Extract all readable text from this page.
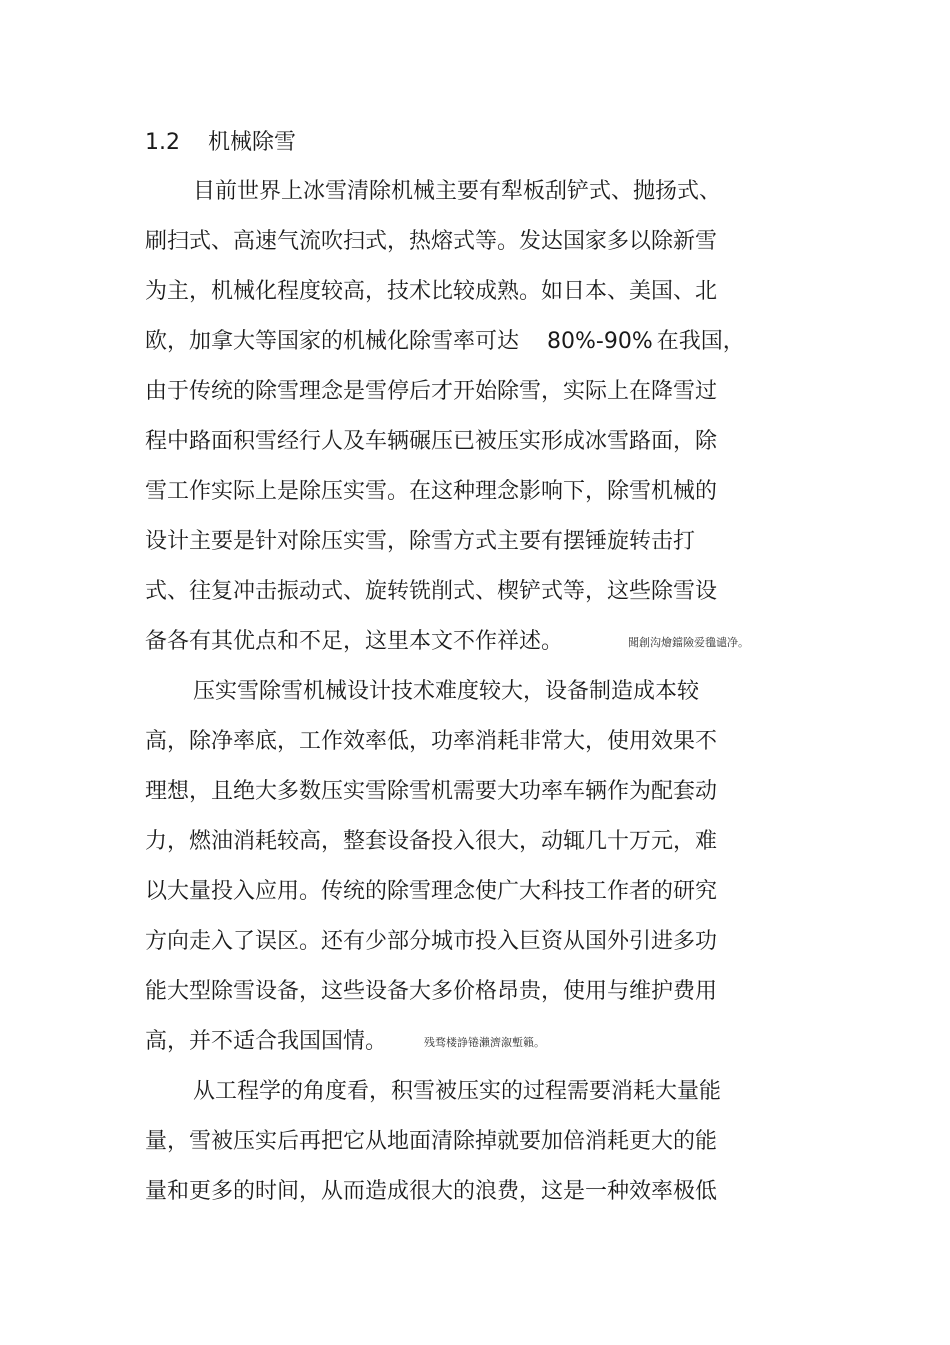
1.2 机械除雪
目前世界上冰雪清除机械主要有犁板刮铲式、抛扬式、
刷扫式、高速气流吹扫式，热熔式等。发达国家多以除新雪
为主，机械化程度较高，技术比较成熟。如日本、美国、北
欧，加拿大等国家的机械化除雪率可达 80%-90% 在我国，
由于传统的除雪理念是雪停后才开始除雪，实际上在降雪过
程中路面积雪经行人及车辆碾压已被压实形成冰雪路面，除
雪工作实际上是除压实雪。在这种理念影响下，除雪机械的
设计主要是针对除压实雪，除雪方式主要有摆锤旋转击打
式、往复冲击振动式、旋转铣削式、楔铲式等，这些除雪设
备各有其优点和不足，这里本文不作祥述。	聞創沟燴鐺險爱氇谴净。
压实雪除雪机械设计技术难度较大，设备制造成本较
高，除净率底，工作效率低，功率消耗非常大，使用效果不
理想，且绝大多数压实雪除雪机需要大功率车辆作为配套动
力，燃油消耗较高，整套设备投入很大，动辄几十万元，难
以大量投入应用。传统的除雪理念使广大科技工作者的研究
方向走入了误区。还有少部分城市投入巨资从国外引进多功
能大型除雪设备，这些设备大多价格昂贵，使用与维护费用
高，并不适合我国国情。	残骛楼諍锩瀨濟溆塹籟。
从工程学的角度看，积雪被压实的过程需要消耗大量能
量，雪被压实后再把它从地面清除掉就要加倍消耗更大的能
量和更多的时间，从而造成很大的浪费，这是一种效率极低
